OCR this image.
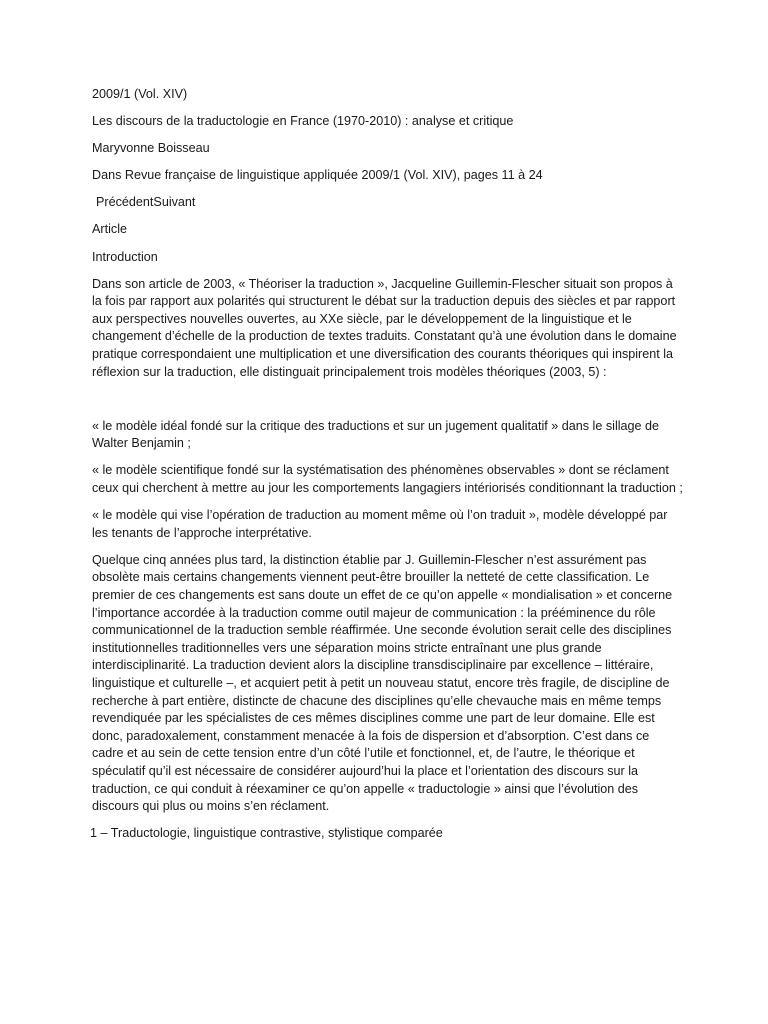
2009/1 (Vol. XIV)
Les discours de la traductologie en France (1970-2010) : analyse et critique
Maryvonne Boisseau
Dans Revue française de linguistique appliquée 2009/1 (Vol. XIV), pages 11 à 24
PrécédentSuivant
Article
Introduction

Dans son article de 2003, « Théoriser la traduction », Jacqueline Guillemin-Flescher situait son propos à la fois par rapport aux polarités qui structurent le débat sur la traduction depuis des siècles et par rapport aux perspectives nouvelles ouvertes, au XXe siècle, par le développement de la linguistique et le changement d’échelle de la production de textes traduits. Constatant qu’à une évolution dans le domaine pratique correspondaient une multiplication et une diversification des courants théoriques qui inspirent la réflexion sur la traduction, elle distinguait principalement trois modèles théoriques (2003, 5) :

« le modèle idéal fondé sur la critique des traductions et sur un jugement qualitatif » dans le sillage de Walter Benjamin ;

« le modèle scientifique fondé sur la systématisation des phénomènes observables » dont se réclament ceux qui cherchent à mettre au jour les comportements langagiers intériorisés conditionnant la traduction ;

« le modèle qui vise l’opération de traduction au moment même où l’on traduit », modèle développé par les tenants de l’approche interprétative.

Quelque cinq années plus tard, la distinction établie par J. Guillemin-Flescher n’est assurément pas obsolète mais certains changements viennent peut-être brouiller la netteté de cette classification. Le premier de ces changements est sans doute un effet de ce qu’on appelle « mondialisation » et concerne l’importance accordée à la traduction comme outil majeur de communication : la prééminence du rôle communicationnel de la traduction semble réaffirmée. Une seconde évolution serait celle des disciplines institutionnelles traditionnelles vers une séparation moins stricte entraînant une plus grande interdisciplinarité. La traduction devient alors la discipline transdisciplinaire par excellence – littéraire, linguistique et culturelle –, et acquiert petit à petit un nouveau statut, encore très fragile, de discipline de recherche à part entière, distincte de chacune des disciplines qu’elle chevauche mais en même temps revendiquée par les spécialistes de ces mêmes disciplines comme une part de leur domaine. Elle est donc, paradoxalement, constamment menacée à la fois de dispersion et d’absorption. C’est dans ce cadre et au sein de cette tension entre d’un côté l’utile et fonctionnel, et, de l’autre, le théorique et spéculatif qu’il est nécessaire de considérer aujourd’hui la place et l’orientation des discours sur la traduction, ce qui conduit à réexaminer ce qu’on appelle « traductologie » ainsi que l’évolution des discours qui plus ou moins s’en réclament.

1 – Traductologie, linguistique contrastive, stylistique comparée
